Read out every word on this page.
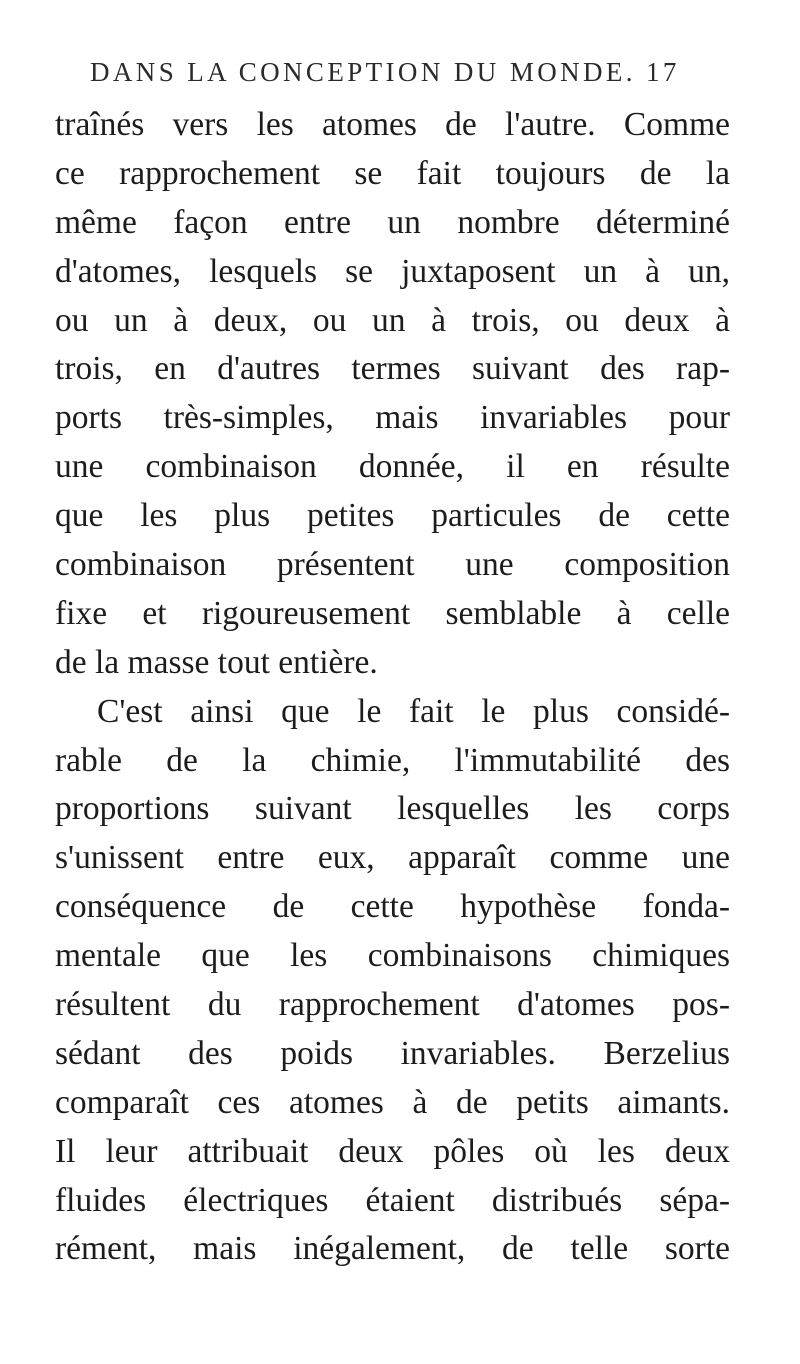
DANS LA CONCEPTION DU MONDE. 17
traînés vers les atomes de l'autre. Comme
ce rapprochement se fait toujours de la
même façon entre un nombre déterminé
d'atomes, lesquels se juxtaposent un à un,
ou un à deux, ou un à trois, ou deux à
trois, en d'autres termes suivant des rap-
ports très-simples, mais invariables pour
une combinaison donnée, il en résulte
que les plus petites particules de cette
combinaison présentent une composition
fixe et rigoureusement semblable à celle
de la masse tout entière.
C'est ainsi que le fait le plus considé-
rable de la chimie, l'immutabilité des
proportions suivant lesquelles les corps
s'unissent entre eux, apparaît comme une
conséquence de cette hypothèse fonda-
mentale que les combinaisons chimiques
résultent du rapprochement d'atomes pos-
sédant des poids invariables. Berzelius
comparaît ces atomes à de petits aimants.
Il leur attribuait deux pôles où les deux
fluides électriques étaient distribués sépa-
rément, mais inégalement, de telle sorte
